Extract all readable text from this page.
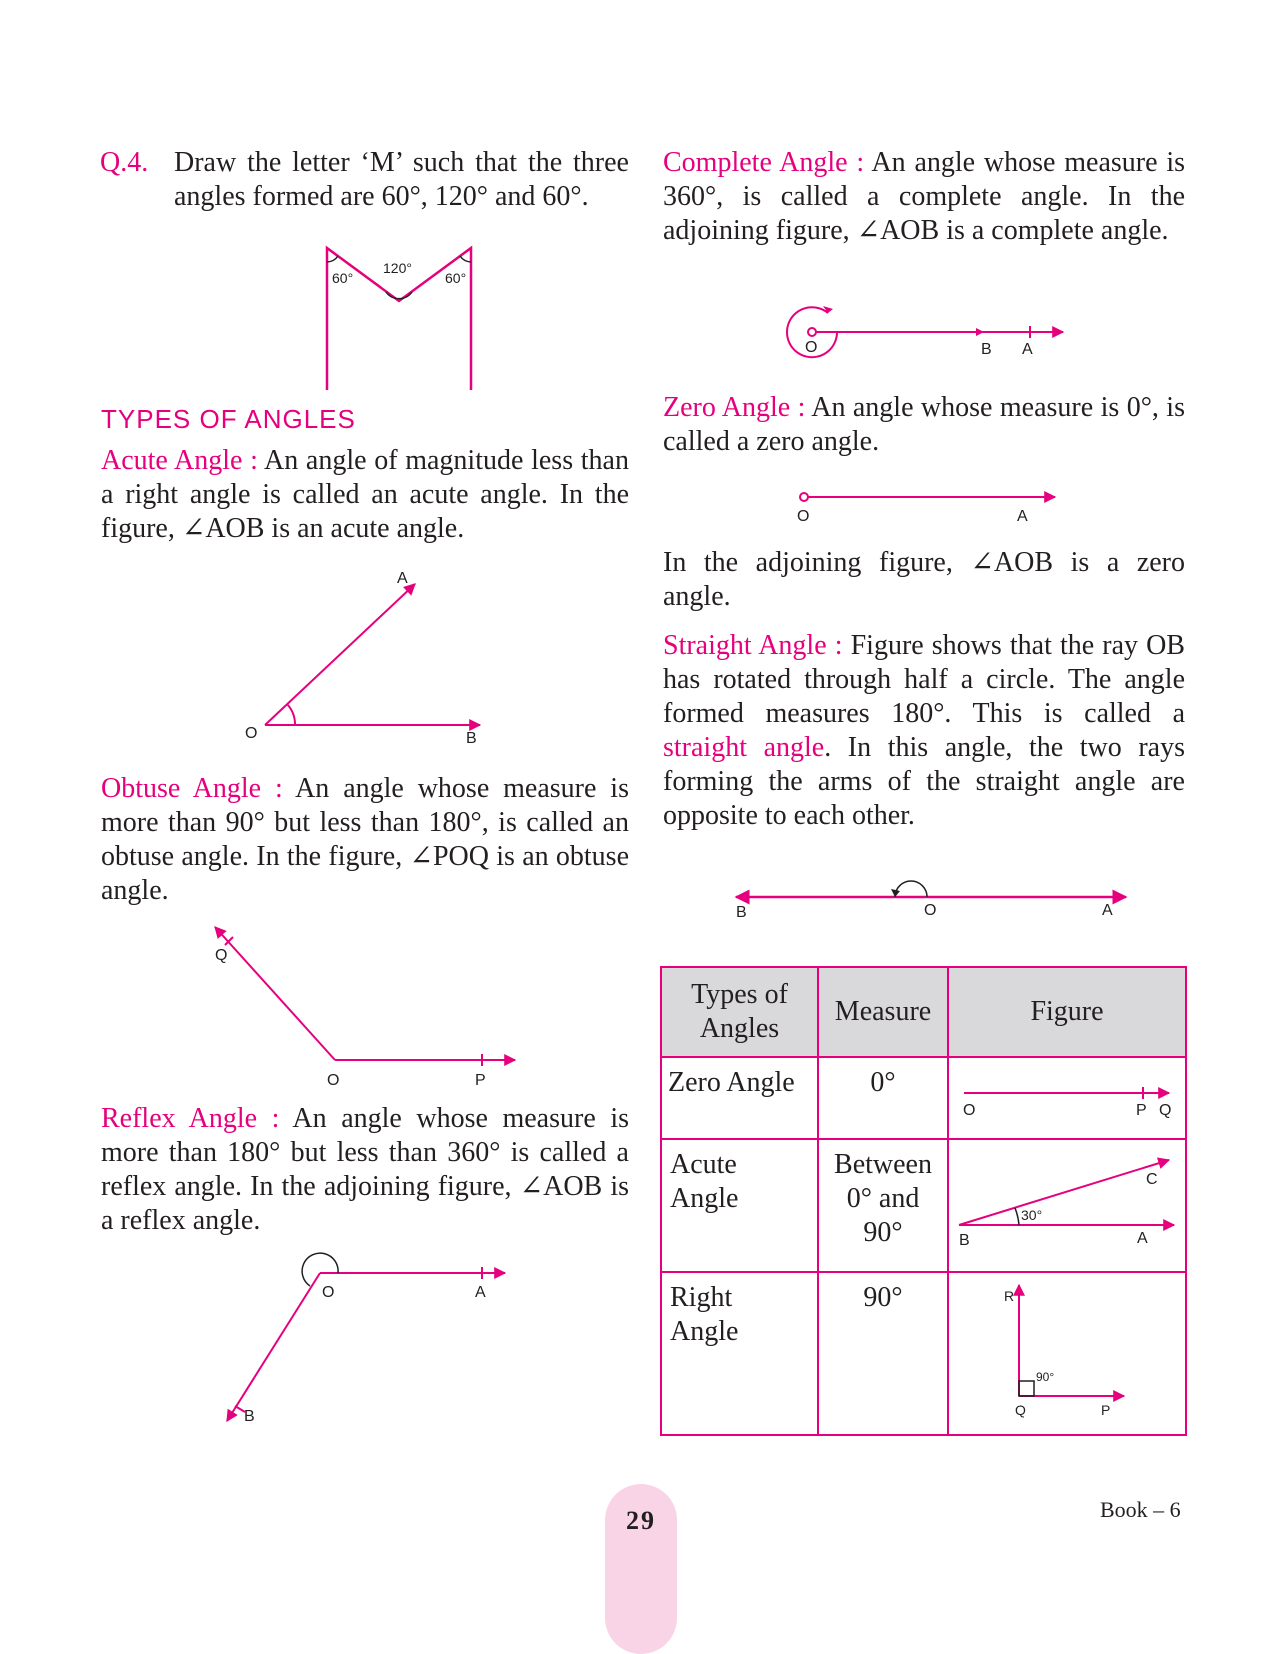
Q.4. Draw the letter ‘M’ such that the three angles formed are 60°, 120° and 60°.

60°
120°
60°
TYPES OF ANGLES

Acute Angle : An angle of magnitude less than a right angle is called an acute angle. In the figure, ∠AOB is an acute angle.

O
A
B

Obtuse Angle : An angle whose measure is more than 90° but less than 180°, is called an obtuse angle. In the figure, ∠POQ is an obtuse angle.

O	P
Q

Reflex Angle : An angle whose measure is more than 180° but less than 360° is called a reflex angle. In the adjoining figure, ∠AOB is a reflex angle.

O	A
B

Complete Angle : An angle whose measure is 360°, is called a complete angle. In the adjoining figure, ∠AOB is a complete angle.

O	B A

Zero Angle : An angle whose measure is 0°, is called a zero angle.

O	A

In the adjoining figure, ∠AOB is a zero angle.

Straight Angle : Figure shows that the ray OB has rotated through half a circle. The angle formed measures 180°. This is called a straight angle. In this angle, the two rays forming the arms of the straight angle are opposite to each other.

B	O	A
Types of Angles	Measure	Figure
Zero Angle	0°	O P Q

Acute Angle	Between 0° and 90°	30°
B A
C

Right Angle	90°	90°
R
Q P
29	Book – 6
